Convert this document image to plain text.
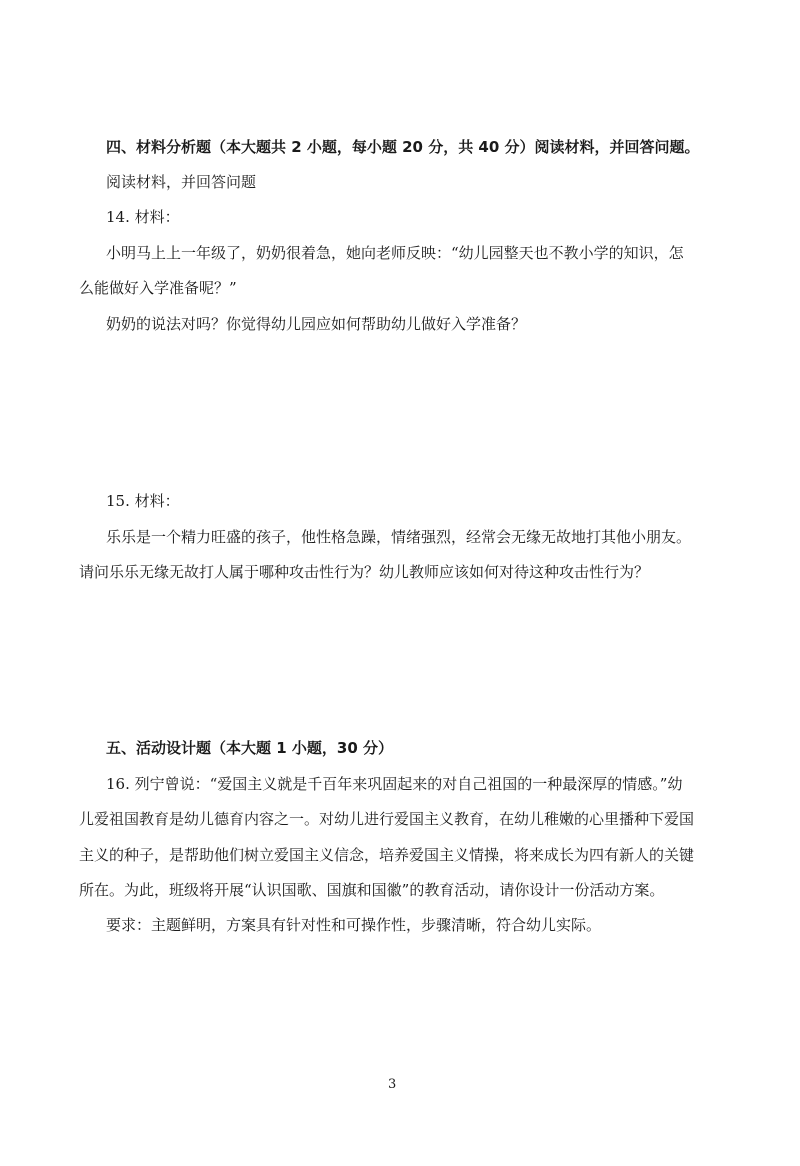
四、材料分析题（本大题共 2 小题，每小题 20 分，共 40 分）阅读材料，并回答问题。
阅读材料，并回答问题
14. 材料：
小明马上上一年级了，奶奶很着急，她向老师反映：“幼儿园整天也不教小学的知识，怎
么能做好入学准备呢？”
奶奶的说法对吗？你觉得幼儿园应如何帮助幼儿做好入学准备？
15. 材料：
乐乐是一个精力旺盛的孩子，他性格急躁，情绪强烈，经常会无缘无故地打其他小朋友。
请问乐乐无缘无故打人属于哪种攻击性行为？幼儿教师应该如何对待这种攻击性行为？
五、活动设计题（本大题 1 小题，30 分）
16. 列宁曾说：“爱国主义就是千百年来巩固起来的对自己祖国的一种最深厚的情感。”幼
儿爱祖国教育是幼儿德育内容之一。对幼儿进行爱国主义教育，在幼儿稚嫩的心里播种下爱国
主义的种子，是帮助他们树立爱国主义信念，培养爱国主义情操，将来成长为四有新人的关键
所在。为此，班级将开展“认识国歌、国旗和国徽”的教育活动，请你设计一份活动方案。
要求：主题鲜明，方案具有针对性和可操作性，步骤清晰，符合幼儿实际。
3
